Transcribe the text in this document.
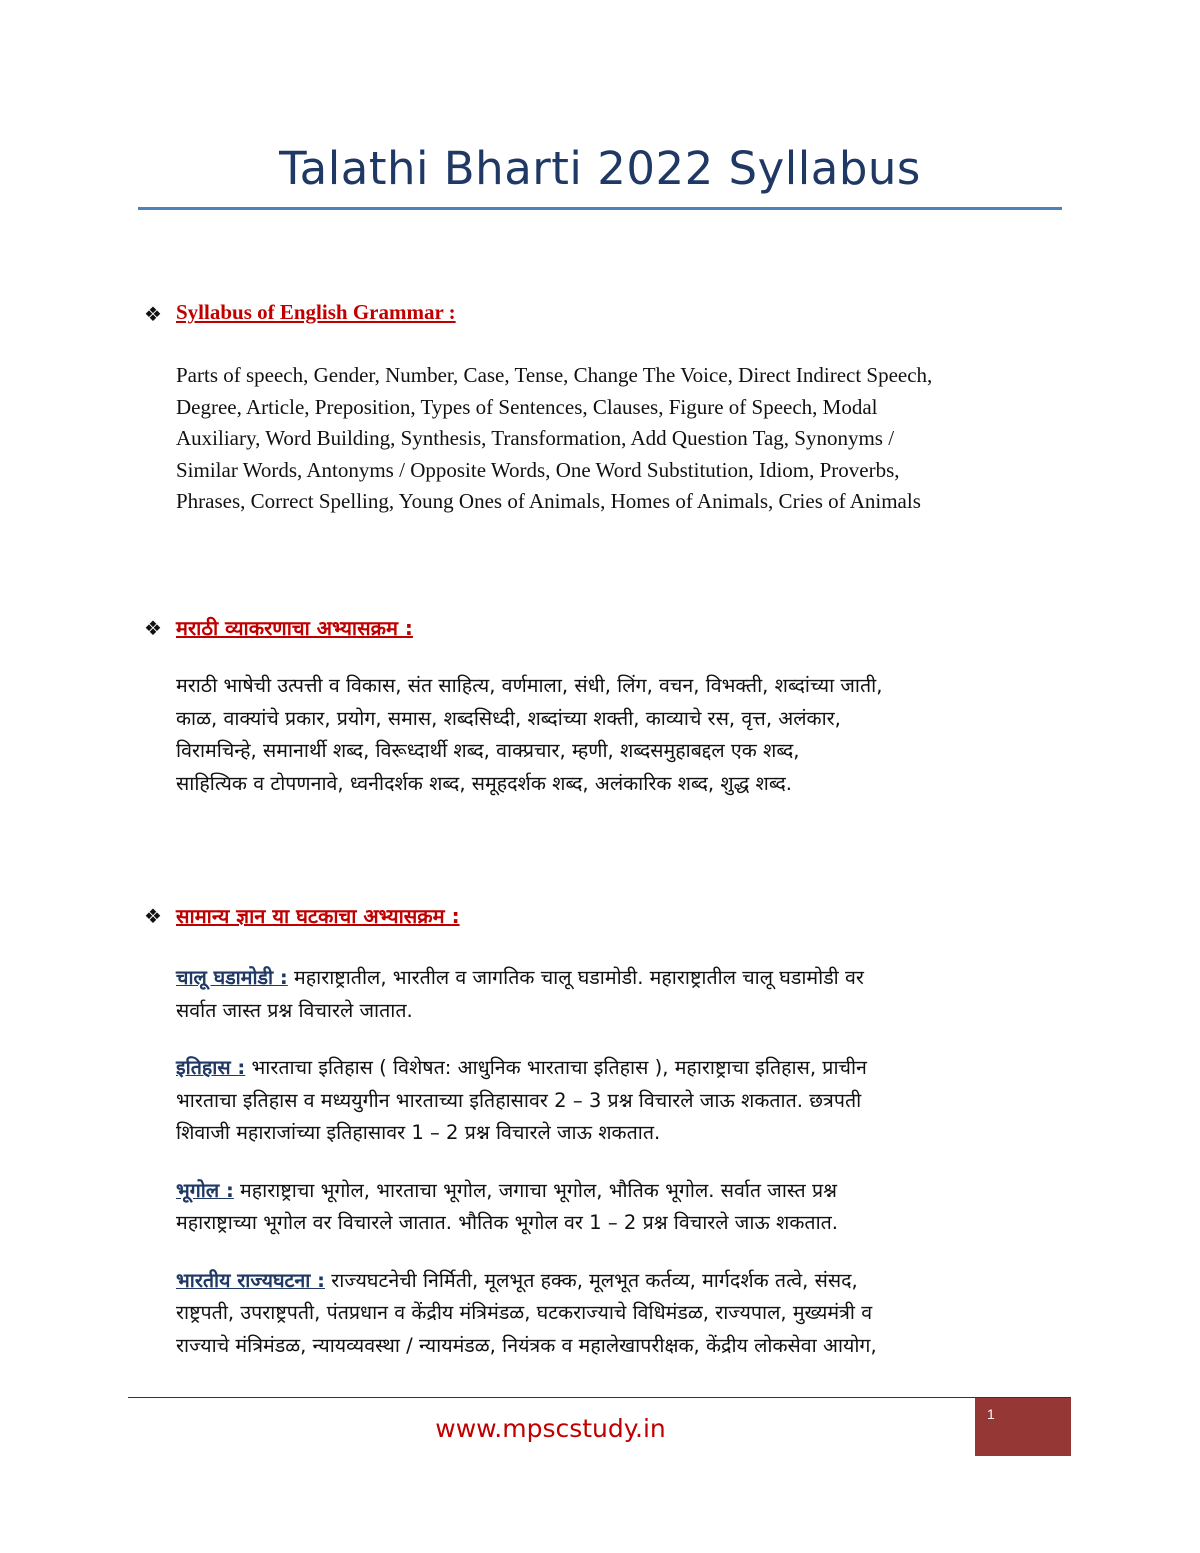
Talathi Bharti 2022 Syllabus
❖ Syllabus of English Grammar :
Parts of speech, Gender, Number, Case, Tense, Change The Voice, Direct Indirect Speech,
Degree, Article, Preposition, Types of Sentences, Clauses, Figure of Speech, Modal
Auxiliary, Word Building, Synthesis, Transformation, Add Question Tag, Synonyms /
Similar Words, Antonyms / Opposite Words, One Word Substitution, Idiom, Proverbs,
Phrases, Correct Spelling, Young Ones of Animals, Homes of Animals, Cries of Animals
❖ मराठी व्याकरणाचा अभ्यासक्रम :
मराठी भाषेची उत्पत्ती व विकास, संत साहित्य, वर्णमाला, संधी, लिंग, वचन, विभक्ती, शब्दांच्या जाती,
काळ, वाक्यांचे प्रकार, प्रयोग, समास, शब्दसिध्दी, शब्दांच्या शक्ती, काव्याचे रस, वृत्त, अलंकार,
विरामचिन्हे, समानार्थी शब्द, विरूध्दार्थी शब्द, वाक्प्रचार, म्हणी, शब्दसमुहाबद्दल एक शब्द,
साहित्यिक व टोपणनावे, ध्वनीदर्शक शब्द, समूहदर्शक शब्द, अलंकारिक शब्द, शुद्ध शब्द.
❖ सामान्य ज्ञान या घटकाचा अभ्यासक्रम :
चालू घडामोडी : महाराष्ट्रातील, भारतील व जागतिक चालू घडामोडी. महाराष्ट्रातील चालू घडामोडी वर
सर्वात जास्त प्रश्न विचारले जातात.
इतिहास : भारताचा इतिहास ( विशेषत: आधुनिक भारताचा इतिहास ), महाराष्ट्राचा इतिहास, प्राचीन
भारताचा इतिहास व मध्ययुगीन भारताच्या इतिहासावर 2 – 3 प्रश्न विचारले जाऊ शकतात. छत्रपती
शिवाजी महाराजांच्या इतिहासावर 1 – 2 प्रश्न विचारले जाऊ शकतात.
भूगोल : महाराष्ट्राचा भूगोल, भारताचा भूगोल, जगाचा भूगोल, भौतिक भूगोल. सर्वात जास्त प्रश्न
महाराष्ट्राच्या भूगोल वर विचारले जातात. भौतिक भूगोल वर 1 – 2 प्रश्न विचारले जाऊ शकतात.
भारतीय राज्यघटना : राज्यघटनेची निर्मिती, मूलभूत हक्क, मूलभूत कर्तव्य, मार्गदर्शक तत्वे, संसद,
राष्ट्रपती, उपराष्ट्रपती, पंतप्रधान व केंद्रीय मंत्रिमंडळ, घटकराज्याचे विधिमंडळ, राज्यपाल, मुख्यमंत्री व
राज्याचे मंत्रिमंडळ, न्यायव्यवस्था / न्यायमंडळ, नियंत्रक व महालेखापरीक्षक, केंद्रीय लोकसेवा आयोग,
www.mpscstudy.in	1
